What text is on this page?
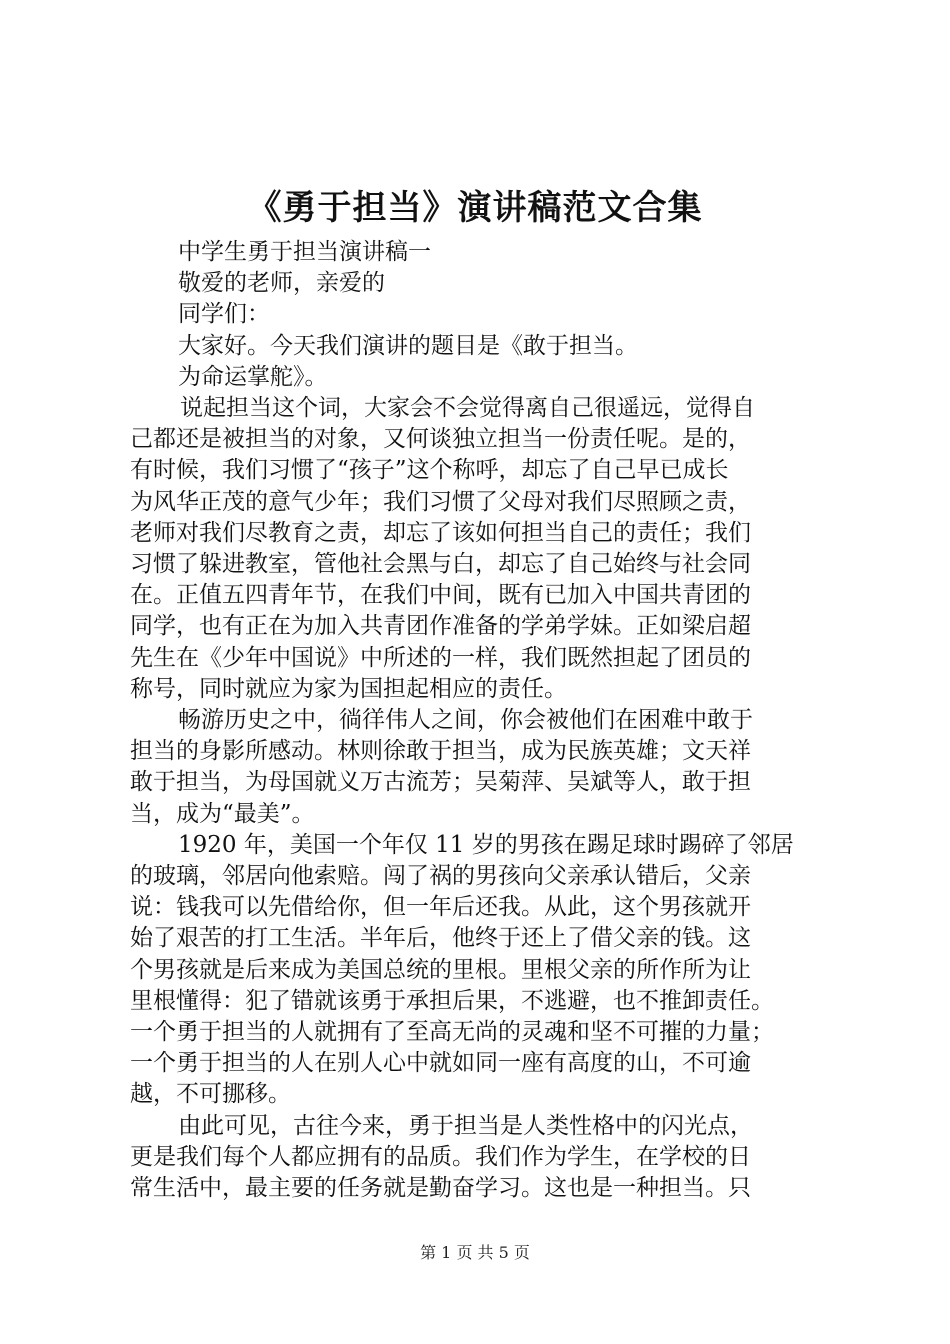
《勇于担当》演讲稿范文合集
中学生勇于担当演讲稿一
敬爱的老师，亲爱的
同学们：
大家好。今天我们演讲的题目是《敢于担当。
为命运掌舵》。
说起担当这个词，大家会不会觉得离自己很遥远，觉得自
己都还是被担当的对象，又何谈独立担当一份责任呢。是的，
有时候，我们习惯了“孩子”这个称呼，却忘了自己早已成长
为风华正茂的意气少年；我们习惯了父母对我们尽照顾之责，
老师对我们尽教育之责，却忘了该如何担当自己的责任；我们
习惯了躲进教室，管他社会黑与白，却忘了自己始终与社会同
在。正值五四青年节，在我们中间，既有已加入中国共青团的
同学，也有正在为加入共青团作准备的学弟学妹。正如梁启超
先生在《少年中国说》中所述的一样，我们既然担起了团员的
称号，同时就应为家为国担起相应的责任。
畅游历史之中，徜徉伟人之间，你会被他们在困难中敢于
担当的身影所感动。林则徐敢于担当，成为民族英雄；文天祥
敢于担当，为母国就义万古流芳；吴菊萍、吴斌等人，敢于担
当，成为“最美”。
1920 年，美国一个年仅 11 岁的男孩在踢足球时踢碎了邻居
的玻璃，邻居向他索赔。闯了祸的男孩向父亲承认错后，父亲
说：钱我可以先借给你，但一年后还我。从此，这个男孩就开
始了艰苦的打工生活。半年后，他终于还上了借父亲的钱。这
个男孩就是后来成为美国总统的里根。里根父亲的所作所为让
里根懂得：犯了错就该勇于承担后果，不逃避，也不推卸责任。
一个勇于担当的人就拥有了至高无尚的灵魂和坚不可摧的力量；
一个勇于担当的人在别人心中就如同一座有高度的山，不可逾
越，不可挪移。
由此可见，古往今来，勇于担当是人类性格中的闪光点，
更是我们每个人都应拥有的品质。我们作为学生，在学校的日
常生活中，最主要的任务就是勤奋学习。这也是一种担当。只
第 1 页 共 5 页
